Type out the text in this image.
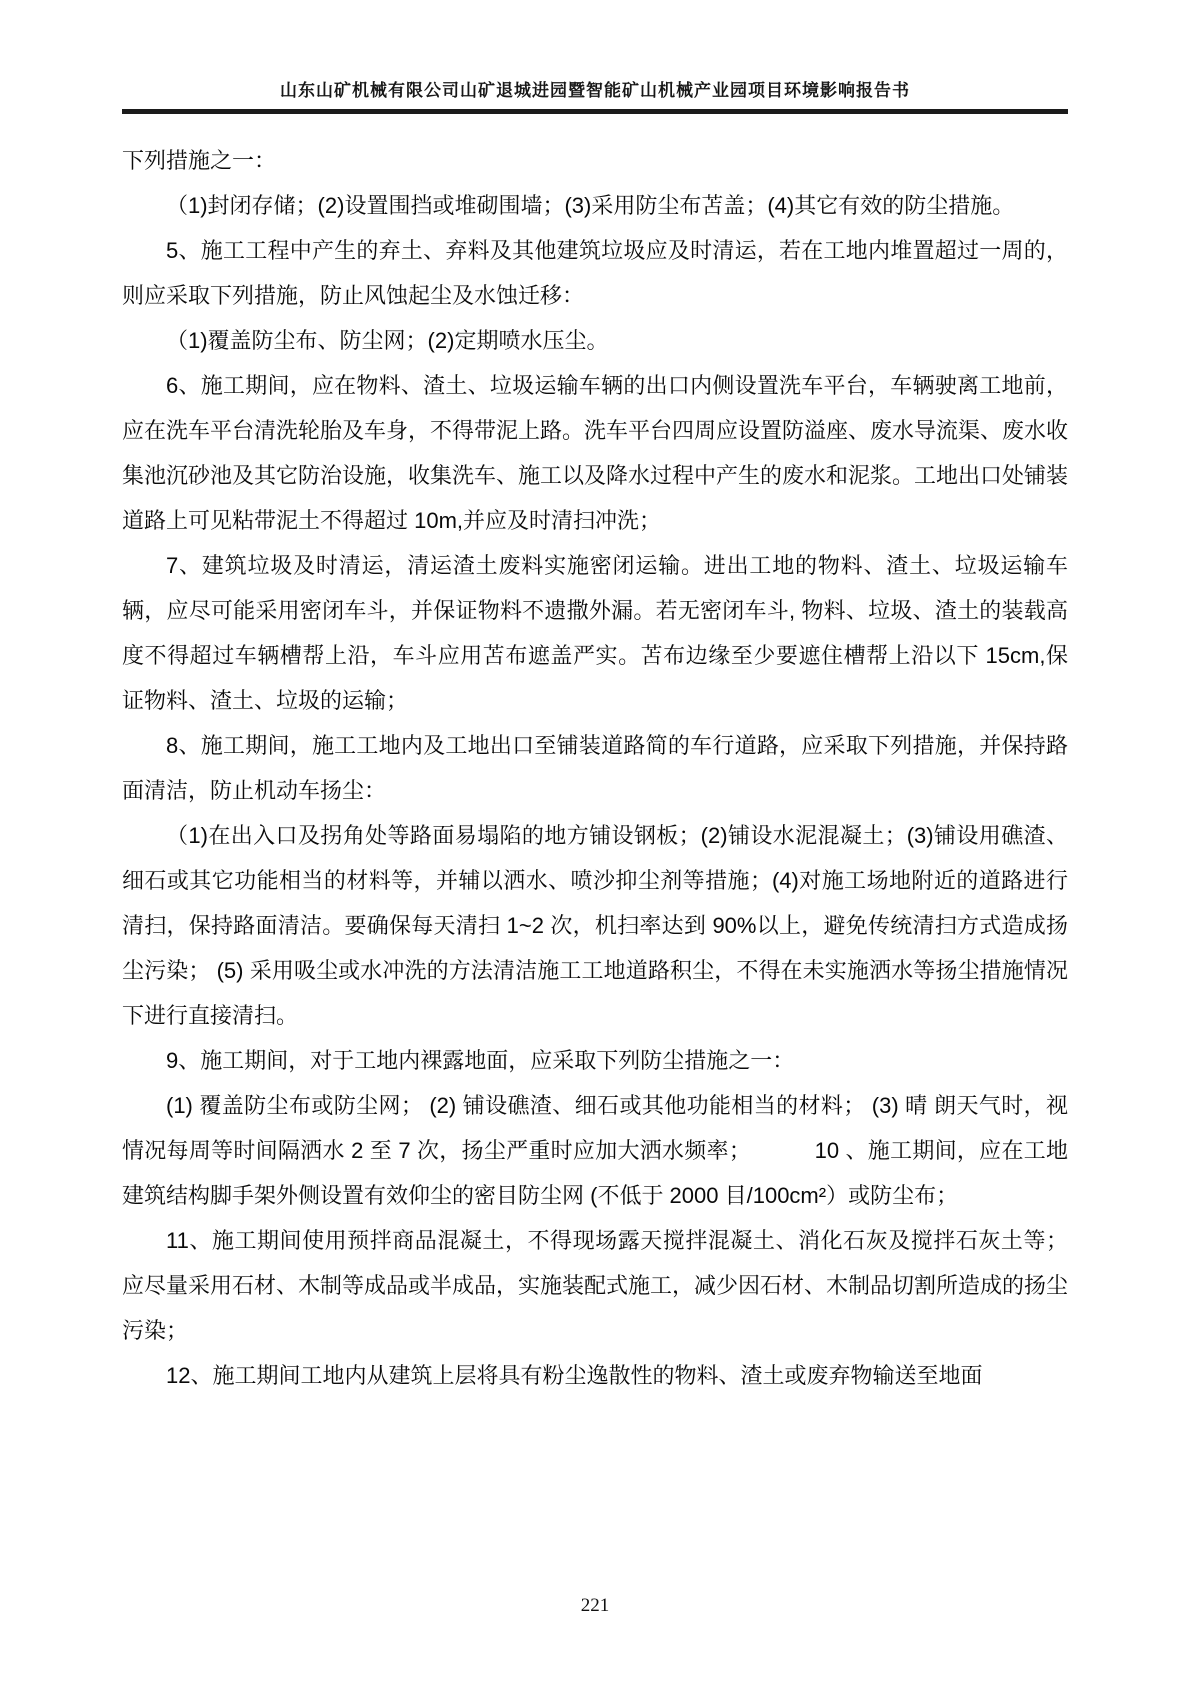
山东山矿机械有限公司山矿退城进园暨智能矿山机械产业园项目环境影响报告书

下列措施之一：

（1)封闭存储；(2)设置围挡或堆砌围墙；(3)采用防尘布苫盖；(4)其它有效的防尘措施。

5、施工工程中产生的弃土、弃料及其他建筑垃圾应及时清运，若在工地内堆置超过一周的，则应采取下列措施，防止风蚀起尘及水蚀迁移：

（1)覆盖防尘布、防尘网；(2)定期喷水压尘。

6、施工期间，应在物料、渣土、垃圾运输车辆的出口内侧设置洗车平台，车辆驶离工地前，应在洗车平台清洗轮胎及车身，不得带泥上路。洗车平台四周应设置防溢座、废水导流渠、废水收集池沉砂池及其它防治设施，收集洗车、施工以及降水过程中产生的废水和泥浆。工地出口处铺装道路上可见粘带泥土不得超过 10m,并应及时清扫冲洗；

7、建筑垃圾及时清运，清运渣土废料实施密闭运输。进出工地的物料、渣土、垃圾运输车辆，应尽可能采用密闭车斗，并保证物料不遗撒外漏。若无密闭车斗, 物料、垃圾、渣土的装载高度不得超过车辆槽帮上沿，车斗应用苫布遮盖严实。苫布边缘至少要遮住槽帮上沿以下 15cm,保证物料、渣土、垃圾的运输；

8、施工期间，施工工地内及工地出口至铺装道路简的车行道路，应采取下列措施，并保持路面清洁，防止机动车扬尘：

（1)在出入口及拐角处等路面易塌陷的地方铺设钢板；(2)铺设水泥混凝土；(3)铺设用礁渣、细石或其它功能相当的材料等，并辅以洒水、喷沙抑尘剂等措施；(4)对施工场地附近的道路进行清扫，保持路面清洁。要确保每天清扫 1~2 次，机扫率达到 90%以上，避免传统清扫方式造成扬尘污染； (5) 采用吸尘或水冲洗的方法清洁施工工地道路积尘，不得在未实施洒水等扬尘措施情况下进行直接清扫。

9、施工期间，对于工地内裸露地面，应采取下列防尘措施之一：

(1) 覆盖防尘布或防尘网； (2) 铺设礁渣、细石或其他功能相当的材料； (3) 晴 朗天气时，视情况每周等时间隔洒水 2 至 7 次，扬尘严重时应加大洒水频率；          10 、施工期间，应在工地建筑结构脚手架外侧设置有效仰尘的密目防尘网 (不低于 2000 目/100cm²）或防尘布；

11、施工期间使用预拌商品混凝土，不得现场露天搅拌混凝土、消化石灰及搅拌石灰土等；应尽量采用石材、木制等成品或半成品，实施装配式施工，减少因石材、木制品切割所造成的扬尘污染；

12、施工期间工地内从建筑上层将具有粉尘逸散性的物料、渣土或废弃物输送至地面

221
